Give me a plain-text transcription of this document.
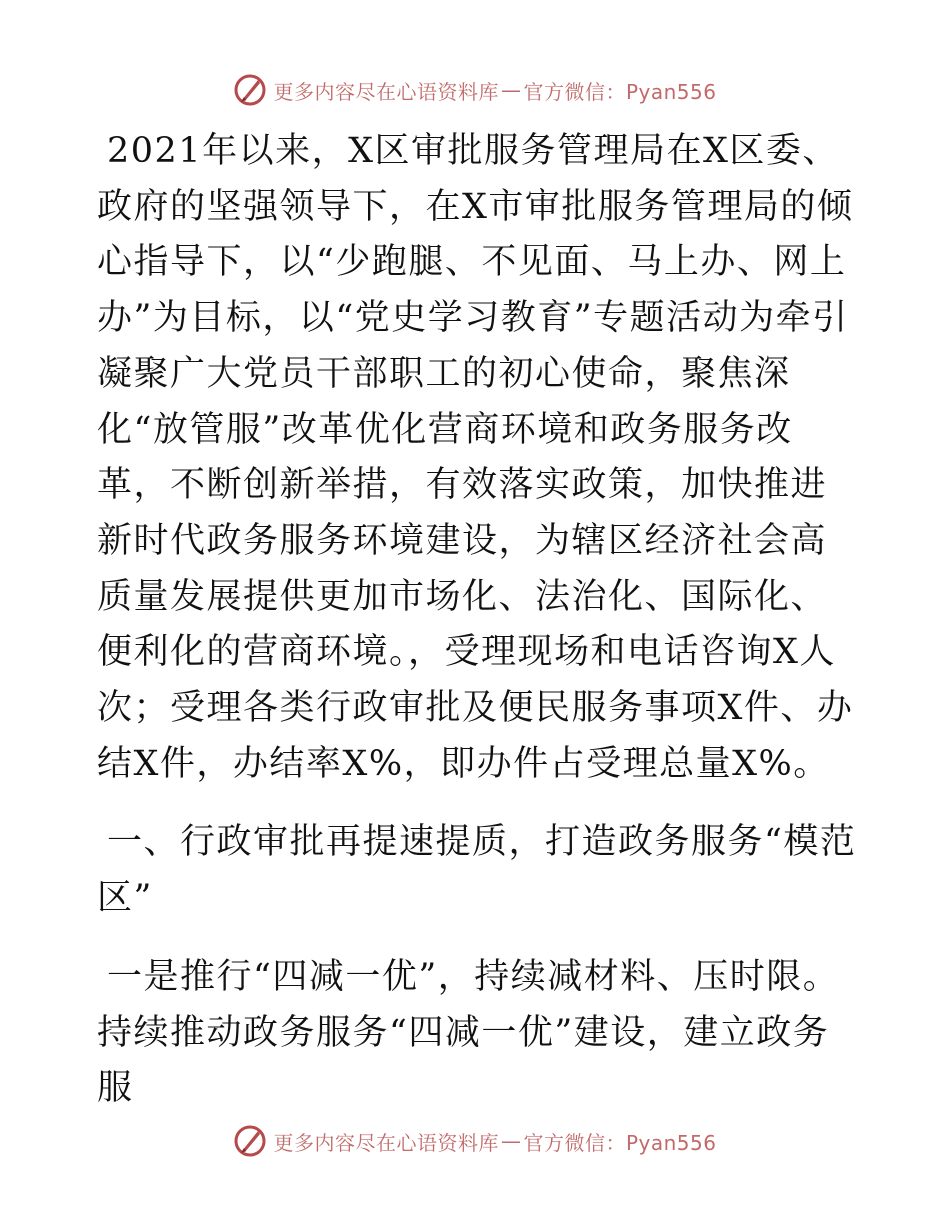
更多内容尽在心语资料库 — 官方微信：Pyan556

2021年以来，X区审批服务管理局在X区委、政府的坚强领导下，在X市审批服务管理局的倾心指导下，以“少跑腿、不见面、马上办、网上办”为目标，以“党史学习教育”专题活动为牵引凝聚广大党员干部职工的初心使命，聚焦深化“放管服”改革优化营商环境和政务服务改革，不断创新举措，有效落实政策，加快推进新时代政务服务环境建设，为辖区经济社会高质量发展提供更加市场化、法治化、国际化、便利化的营商环境。，受理现场和电话咨询X人次；受理各类行政审批及便民服务事项X件、办结X件，办结率X%，即办件占受理总量X%。

一、行政审批再提速提质，打造政务服务“模范区”

一是推行“四减一优”，持续减材料、压时限。持续推动政务服务“四减一优”建设，建立政务服

更多内容尽在心语资料库 — 官方微信：Pyan556
